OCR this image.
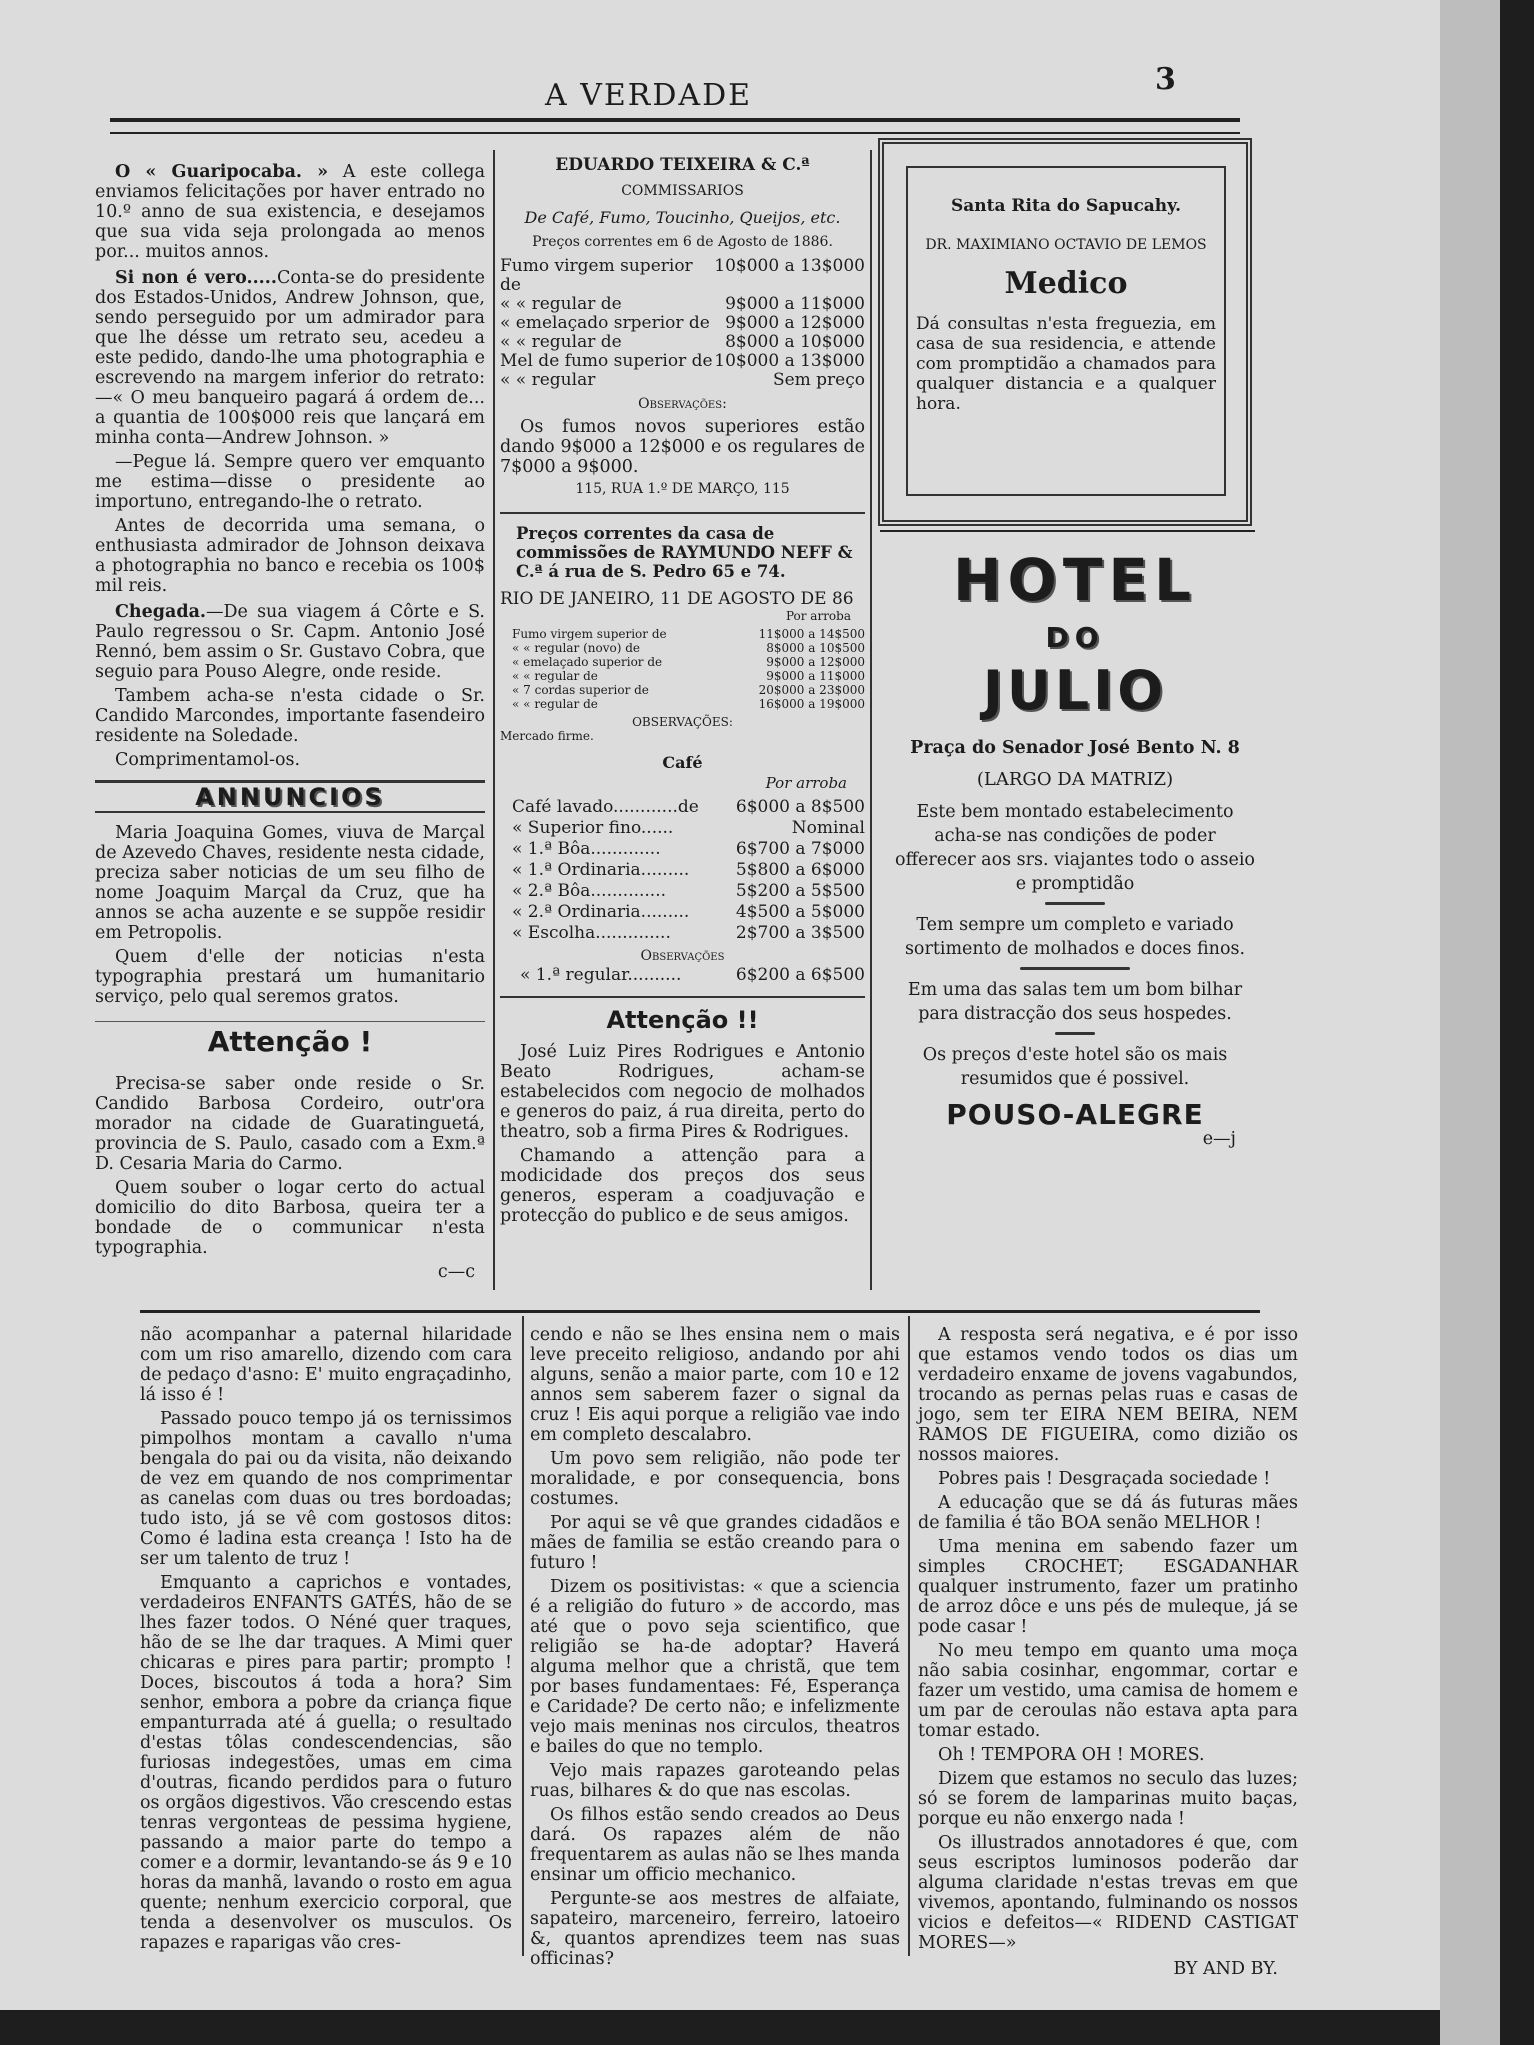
A VERDADE	3

O « Guaripocaba. » A este collega enviamos felicitações por haver entrado no 10.º anno de sua existencia, e desejamos que sua vida seja prolongada ao menos por... muitos annos.

Si non é vero.....Conta-se do presidente dos Estados-Unidos, Andrew Johnson, que, sendo perseguido por um admirador para que lhe désse um retrato seu, acedeu a este pedido, dando-lhe uma photographia e escrevendo na margem inferior do retrato:—« O meu banqueiro pagará á ordem de... a quantia de 100$000 reis que lançará em minha conta—Andrew Johnson. »

—Pegue lá. Sempre quero ver emquanto me estima—disse o presidente ao importuno, entregando-lhe o retrato.

Antes de decorrida uma semana, o enthusiasta admirador de Johnson deixava a photographia no banco e recebia os 100$ mil reis.

Chegada.—De sua viagem á Côrte e S. Paulo regressou o Sr. Capm. Antonio José Rennó, bem assim o Sr. Gustavo Cobra, que seguio para Pouso Alegre, onde reside.

Tambem acha-se n'esta cidade o Sr. Candido Marcondes, importante fasendeiro residente na Soledade.

Comprimentamol-os.

ANNUNCIOS

Maria Joaquina Gomes, viuva de Marçal de Azevedo Chaves, residente nesta cidade, preciza saber noticias de um seu filho de nome Joaquim Marçal da Cruz, que ha annos se acha auzente e se suppõe residir em Petropolis.

Quem d'elle der noticias n'esta typographia prestará um humanitario serviço, pelo qual seremos gratos.

Attenção !

Precisa-se saber onde reside o Sr. Candido Barbosa Cordeiro, outr'ora morador na cidade de Guaratinguetá, provincia de S. Paulo, casado com a Exm.ª D. Cesaria Maria do Carmo.

Quem souber o logar certo do actual domicilio do dito Barbosa, queira ter a bondade de o communicar n'esta typographia.

c—c
EDUARDO TEIXEIRA & C.ª
COMMISSARIOS
De Café, Fumo, Toucinho, Queijos, etc.
Preços correntes em 6 de Agosto de 1886.
Fumo virgem superior de	10$000 a 13$000
« « regular de	9$000 a 11$000
« emelaçado srperior de	9$000 a 12$000
« « regular de	8$000 a 10$000
Mel de fumo superior de	10$000 a 13$000
« « regular	Sem preço
Observações:

Os fumos novos superiores estão dando 9$000 a 12$000 e os regulares de 7$000 a 9$000.

115, RUA 1.º DE MARÇO, 115
Preços correntes da casa de commissões de RAYMUNDO NEFF & C.ª á rua de S. Pedro 65 e 74.
RIO DE JANEIRO, 11 DE AGOSTO DE 86
Por arroba
Fumo virgem superior de	11$000 a 14$500
« « regular (novo) de	8$000 a 10$500
« emelaçado superior de	9$000 a 12$000
« « regular de	9$000 a 11$000
« 7 cordas superior de	20$000 a 23$000
« « regular de	16$000 a 19$000
OBSERVAÇÕES:
Mercado firme.
Café
Por arroba
Café lavado............de	6$000 a 8$500
« Superior fino......	Nominal
« 1.ª Bôa.............	6$700 a 7$000
« 1.ª Ordinaria.........	5$800 a 6$000
« 2.ª Bôa..............	5$200 a 5$500
« 2.ª Ordinaria.........	4$500 a 5$000
« Escolha..............	2$700 a 3$500
Observações
« 1.ª regular..........	6$200 a 6$500
Attenção !!

José Luiz Pires Rodrigues e Antonio Beato Rodrigues, acham-se estabelecidos com negocio de molhados e generos do paiz, á rua direita, perto do theatro, sob a firma Pires & Rodrigues.

Chamando a attenção para a modicidade dos preços dos seus generos, esperam a coadjuvação e protecção do publico e de seus amigos.

Santa Rita do Sapucahy.
DR. MAXIMIANO OCTAVIO DE LEMOS
Medico
Dá consultas n'esta freguezia, em casa de sua residencia, e attende com promptidão a chamados para qualquer distancia e a qualquer hora.
HOTEL
DO
JULIO
Praça do Senador José Bento N. 8
(LARGO DA MATRIZ)
Este bem montado estabelecimento acha-se nas condições de poder offerecer aos srs. viajantes todo o asseio e promptidão
Tem sempre um completo e variado sortimento de molhados e doces finos.
Em uma das salas tem um bom bilhar para distracção dos seus hospedes.
Os preços d'este hotel são os mais resumidos que é possivel.
POUSO-ALEGRE
e—j

não acompanhar a paternal hilaridade com um riso amarello, dizendo com cara de pedaço d'asno: E' muito engraçadinho, lá isso é !

Passado pouco tempo já os ternissimos pimpolhos montam a cavallo n'uma bengala do pai ou da visita, não deixando de vez em quando de nos comprimentar as canelas com duas ou tres bordoadas; tudo isto, já se vê com gostosos ditos: Como é ladina esta creança ! Isto ha de ser um talento de truz !

Emquanto a caprichos e vontades, verdadeiros ENFANTS GATÉS, hão de se lhes fazer todos. O Néné quer traques, hão de se lhe dar traques. A Mimi quer chicaras e pires para partir; prompto ! Doces, biscoutos á toda a hora? Sim senhor, embora a pobre da criança fique empanturrada até á guella; o resultado d'estas tôlas condescendencias, são furiosas indegestões, umas em cima d'outras, ficando perdidos para o futuro os orgãos digestivos. Vão crescendo estas tenras vergonteas de pessima hygiene, passando a maior parte do tempo a comer e a dormir, levantando-se ás 9 e 10 horas da manhã, lavando o rosto em agua quente; nenhum exercicio corporal, que tenda a desenvolver os musculos. Os rapazes e raparigas vão cres-

cendo e não se lhes ensina nem o mais leve preceito religioso, andando por ahi alguns, senão a maior parte, com 10 e 12 annos sem saberem fazer o signal da cruz ! Eis aqui porque a religião vae indo em completo descalabro.

Um povo sem religião, não pode ter moralidade, e por consequencia, bons costumes.

Por aqui se vê que grandes cidadãos e mães de familia se estão creando para o futuro !

Dizem os positivistas: « que a sciencia é a religião do futuro » de accordo, mas até que o povo seja scientifico, que religião se ha-de adoptar? Haverá alguma melhor que a christã, que tem por bases fundamentaes: Fé, Esperança e Caridade? De certo não; e infelizmente vejo mais meninas nos circulos, theatros e bailes do que no templo.

Vejo mais rapazes garoteando pelas ruas, bilhares & do que nas escolas.

Os filhos estão sendo creados ao Deus dará. Os rapazes além de não frequentarem as aulas não se lhes manda ensinar um officio mechanico.

Pergunte-se aos mestres de alfaiate, sapateiro, marceneiro, ferreiro, latoeiro &, quantos aprendizes teem nas suas officinas?

A resposta será negativa, e é por isso que estamos vendo todos os dias um verdadeiro enxame de jovens vagabundos, trocando as pernas pelas ruas e casas de jogo, sem ter EIRA NEM BEIRA, NEM RAMOS DE FIGUEIRA, como dizião os nossos maiores.

Pobres pais ! Desgraçada sociedade !

A educação que se dá ás futuras mães de familia é tão BOA senão MELHOR !

Uma menina em sabendo fazer um simples CROCHET; ESGADANHAR qualquer instrumento, fazer um pratinho de arroz dôce e uns pés de muleque, já se pode casar !

No meu tempo em quanto uma moça não sabia cosinhar, engommar, cortar e fazer um vestido, uma camisa de homem e um par de ceroulas não estava apta para tomar estado.

Oh ! TEMPORA OH ! MORES.

Dizem que estamos no seculo das luzes; só se forem de lamparinas muito baças, porque eu não enxergo nada !

Os illustrados annotadores é que, com seus escriptos luminosos poderão dar alguma claridade n'estas trevas em que vivemos, apontando, fulminando os nossos vicios e defeitos—« RIDEND CASTIGAT MORES—»

BY AND BY.
